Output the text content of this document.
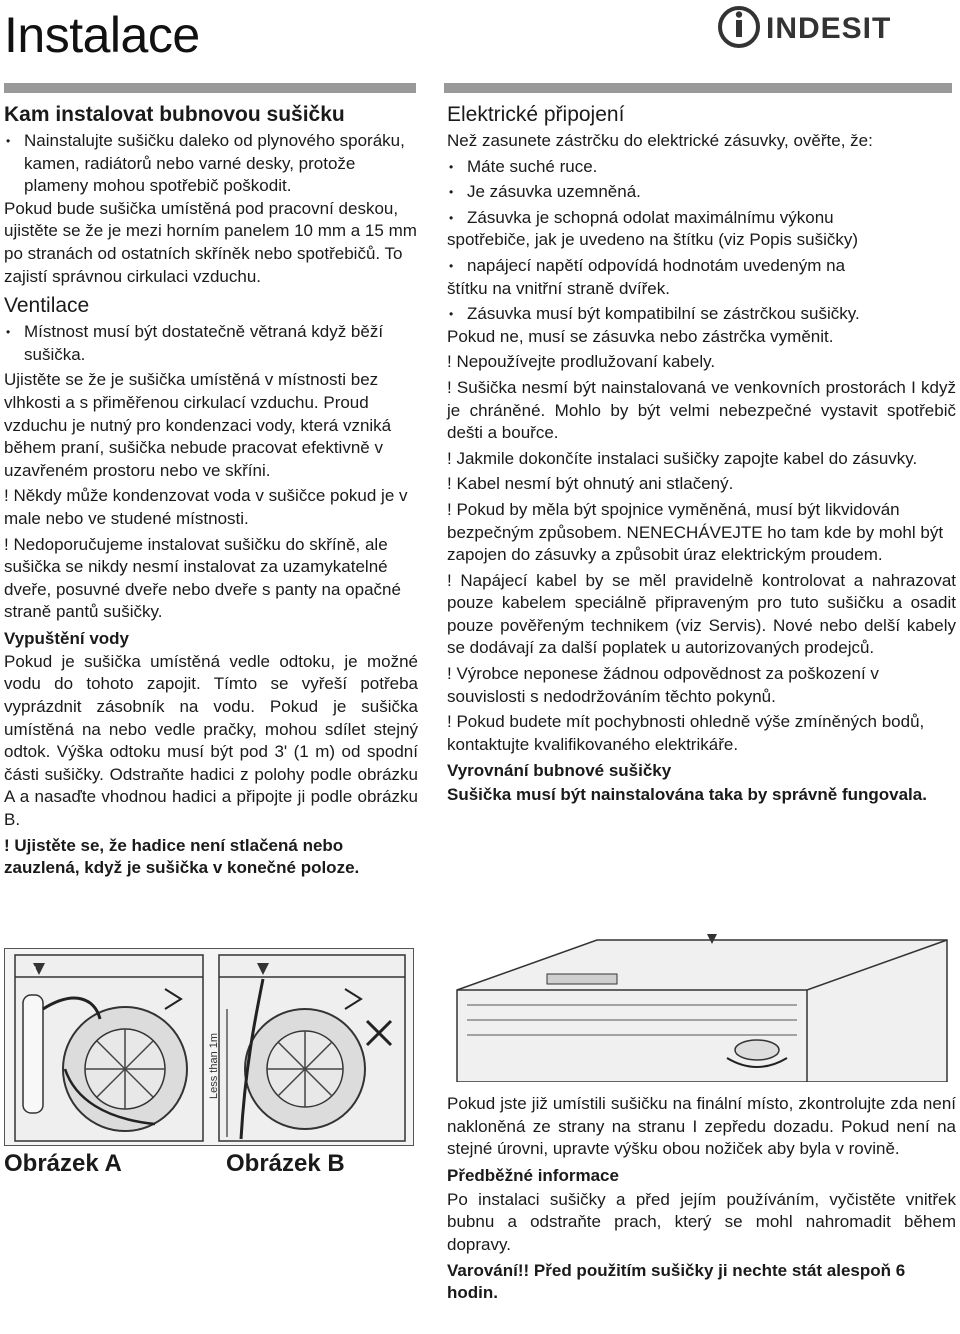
Instalace	INDESIT
Kam instalovat bubnovou sušičku
• Nainstalujte sušičku daleko od plynového sporáku, kamen, radiátorů nebo varné desky, protože plameny mohou spotřebič poškodit.

Pokud bude sušička umístěná pod pracovní deskou, ujistěte se že je mezi horním panelem 10 mm a 15 mm po stranách od ostatních skříněk nebo spotřebičů. To zajistí správnou cirkulaci vzduchu.

Ventilace
• Místnost musí být dostatečně větraná když běží sušička.

Ujistěte se že je sušička umístěná v místnosti bez vlhkosti a s přiměřenou cirkulací vzduchu. Proud vzduchu je nutný pro kondenzaci vody, která vzniká během praní, sušička nebude pracovat efektivně v uzavřeném prostoru nebo ve skříni.

! Někdy může kondenzovat voda v sušičce pokud je v male nebo ve studené místnosti.

! Nedoporučujeme instalovat sušičku do skříně, ale sušička se nikdy nesmí instalovat za uzamykatelné dveře, posuvné dveře nebo dveře s panty na opačné straně pantů sušičky.

Vypuštění vody

Pokud je sušička umístěná vedle odtoku, je možné vodu do tohoto zapojit. Tímto se vyřeší potřeba vyprázdnit zásobník na vodu. Pokud je sušička umístěná na nebo vedle pračky, mohou sdílet stejný odtok. Výška odtoku musí být pod 3' (1 m) od spodní části sušičky. Odstraňte hadici z polohy podle obrázku A a nasaďte vhodnou hadici a připojte ji podle obrázku B.

! Ujistěte se, že hadice není stlačená nebo zauzlená, když je sušička v konečné poloze.

1
Less than 1m
Obrázek A	Obrázek B
Elektrické připojení

Než zasunete zástrčku do elektrické zásuvky, ověřte, že:

• Máte suché ruce.
• Je zásuvka uzemněná.
• Zásuvka je schopná odolat maximálnímu výkonu

spotřebiče, jak je uvedeno na štítku (viz Popis sušičky)

• napájecí napětí odpovídá hodnotám uvedeným na

štítku na vnitřní straně dvířek.

• Zásuvka musí být kompatibilní se zástrčkou sušičky.

Pokud ne, musí se zásuvka nebo zástrčka vyměnit.

! Nepoužívejte prodlužovaní kabely.

! Sušička nesmí být nainstalovaná ve venkovních prostorách I když je chráněné. Mohlo by být velmi nebezpečné vystavit spotřebič dešti a bouřce.

! Jakmile dokončíte instalaci sušičky zapojte kabel do zásuvky.

! Kabel nesmí být ohnutý ani stlačený.

! Pokud by měla být spojnice vyměněná, musí být likvidován bezpečným způsobem. NENECHÁVEJTE ho tam kde by mohl být zapojen do zásuvky a způsobit úraz elektrickým proudem.

! Napájecí kabel by se měl pravidelně kontrolovat a nahrazovat pouze kabelem speciálně připraveným pro tuto sušičku a osadit pouze pověřeným technikem (viz Servis). Nové nebo delší kabely se dodávají za další poplatek u autorizovaných prodejců.

! Výrobce neponese žádnou odpovědnost za poškození v souvislosti s nedodržováním těchto pokynů.

! Pokud budete mít pochybnosti ohledně výše zmíněných bodů, kontaktujte kvalifikovaného elektrikáře.

Vyrovnání bubnové sušičky

Sušička musí být nainstalována taka by správně fungovala.

Pokud jste již umístili sušičku na finální místo, zkontrolujte zda není nakloněná ze strany na stranu I zepředu dozadu. Pokud není na stejné úrovni, upravte výšku obou nožiček aby byla v rovině.

Předběžné informace

Po instalaci sušičky a před jejím používáním, vyčistěte vnitřek bubnu a odstraňte prach, který se mohl nahromadit během dopravy.

Varování!! Před použitím sušičky ji nechte stát alespoň 6 hodin.
